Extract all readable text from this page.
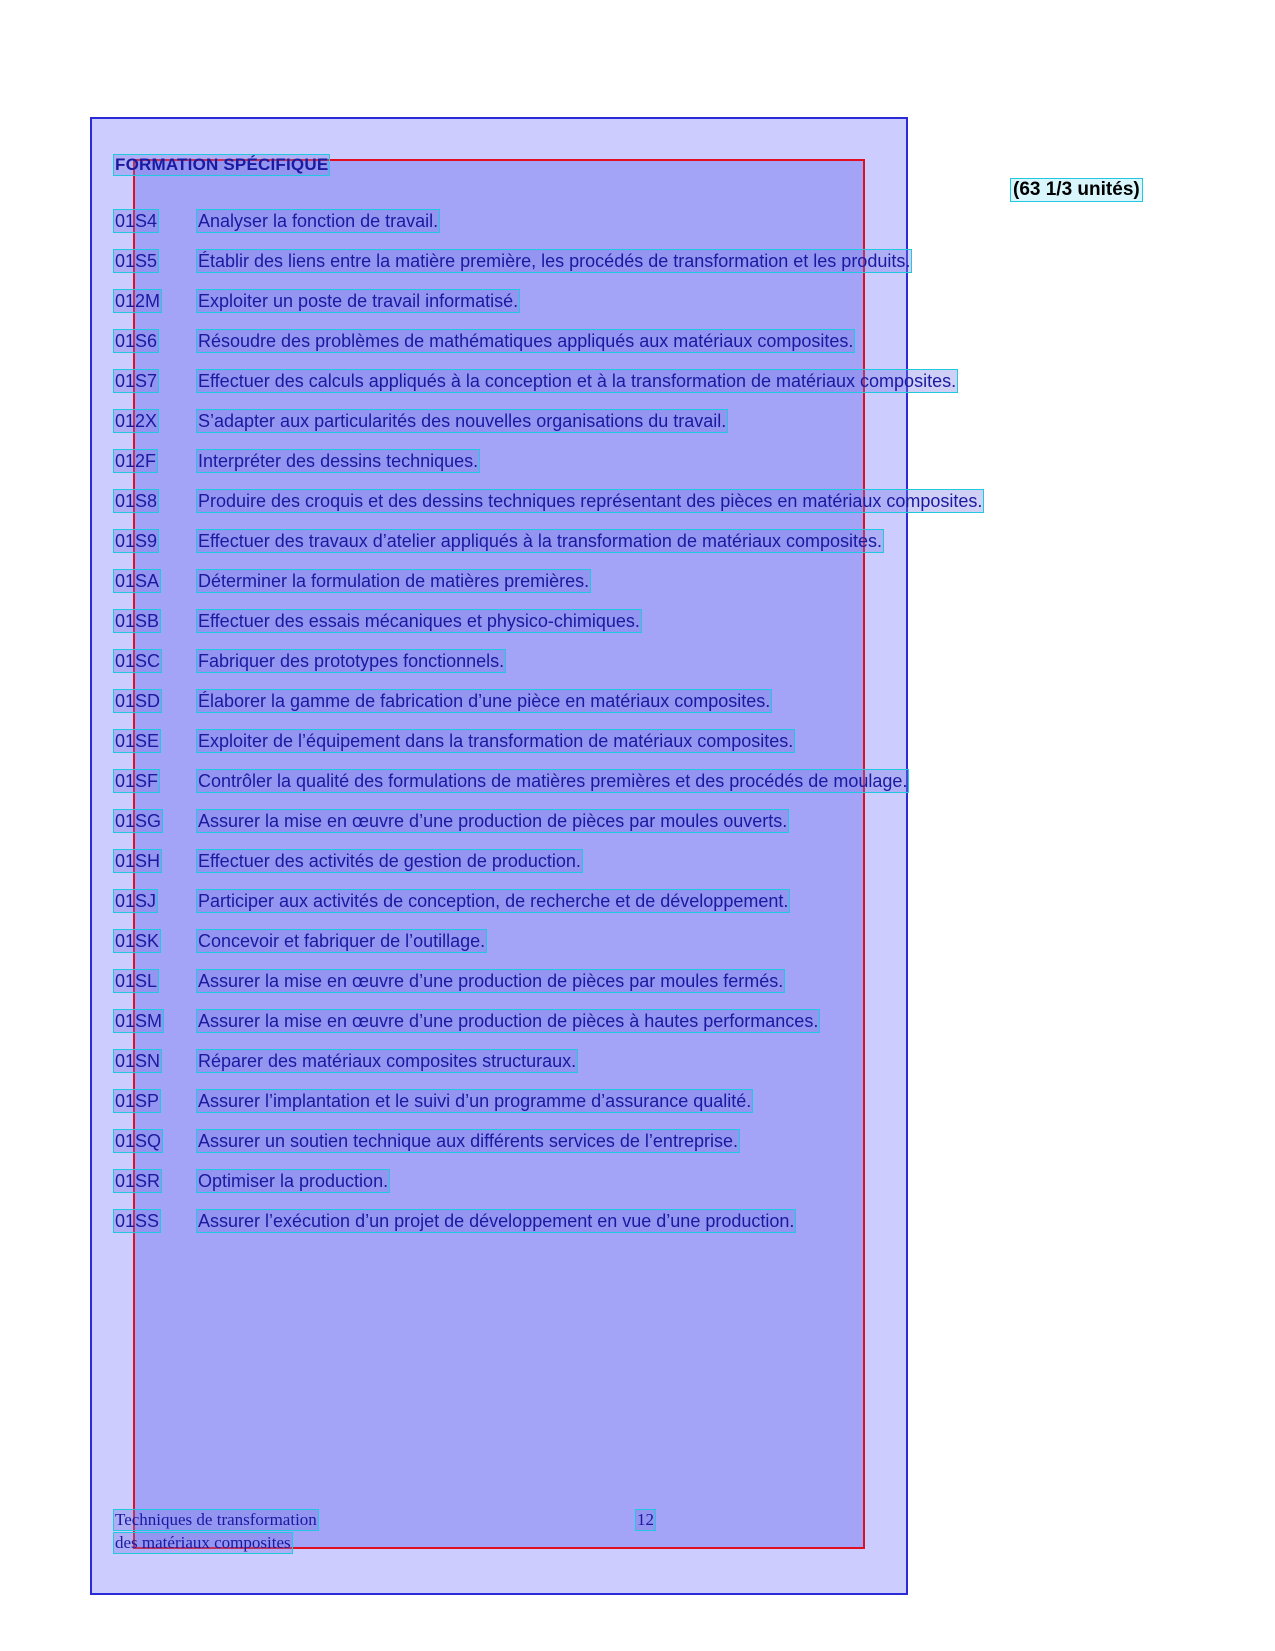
FORMATION SPÉCIFIQUE
(63 1/3 unités)
01S4 Analyser la fonction de travail.
01S5 Établir des liens entre la matière première, les procédés de transformation et les produits.
012M Exploiter un poste de travail informatisé.
01S6 Résoudre des problèmes de mathématiques appliqués aux matériaux composites.
01S7 Effectuer des calculs appliqués à la conception et à la transformation de matériaux composites.
012X S’adapter aux particularités des nouvelles organisations du travail.
012F Interpréter des dessins techniques.
01S8 Produire des croquis et des dessins techniques représentant des pièces en matériaux composites.
01S9 Effectuer des travaux d’atelier appliqués à la transformation de matériaux composites.
01SA Déterminer la formulation de matières premières.
01SB Effectuer des essais mécaniques et physico-chimiques.
01SC Fabriquer des prototypes fonctionnels.
01SD Élaborer la gamme de fabrication d’une pièce en matériaux composites.
01SE Exploiter de l’équipement dans la transformation de matériaux composites.
01SF Contrôler la qualité des formulations de matières premières et des procédés de moulage.
01SG Assurer la mise en œuvre d’une production de pièces par moules ouverts.
01SH Effectuer des activités de gestion de production.
01SJ Participer aux activités de conception, de recherche et de développement.
01SK Concevoir et fabriquer de l’outillage.
01SL Assurer la mise en œuvre d’une production de pièces par moules fermés.
01SM Assurer la mise en œuvre d’une production de pièces à hautes performances.
01SN Réparer des matériaux composites structuraux.
01SP Assurer l’implantation et le suivi d’un programme d’assurance qualité.
01SQ Assurer un soutien technique aux différents services de l’entreprise.
01SR Optimiser la production.
01SS Assurer l’exécution d’un projet de développement en vue d’une production.
Techniques de transformation
des matériaux composites
12
